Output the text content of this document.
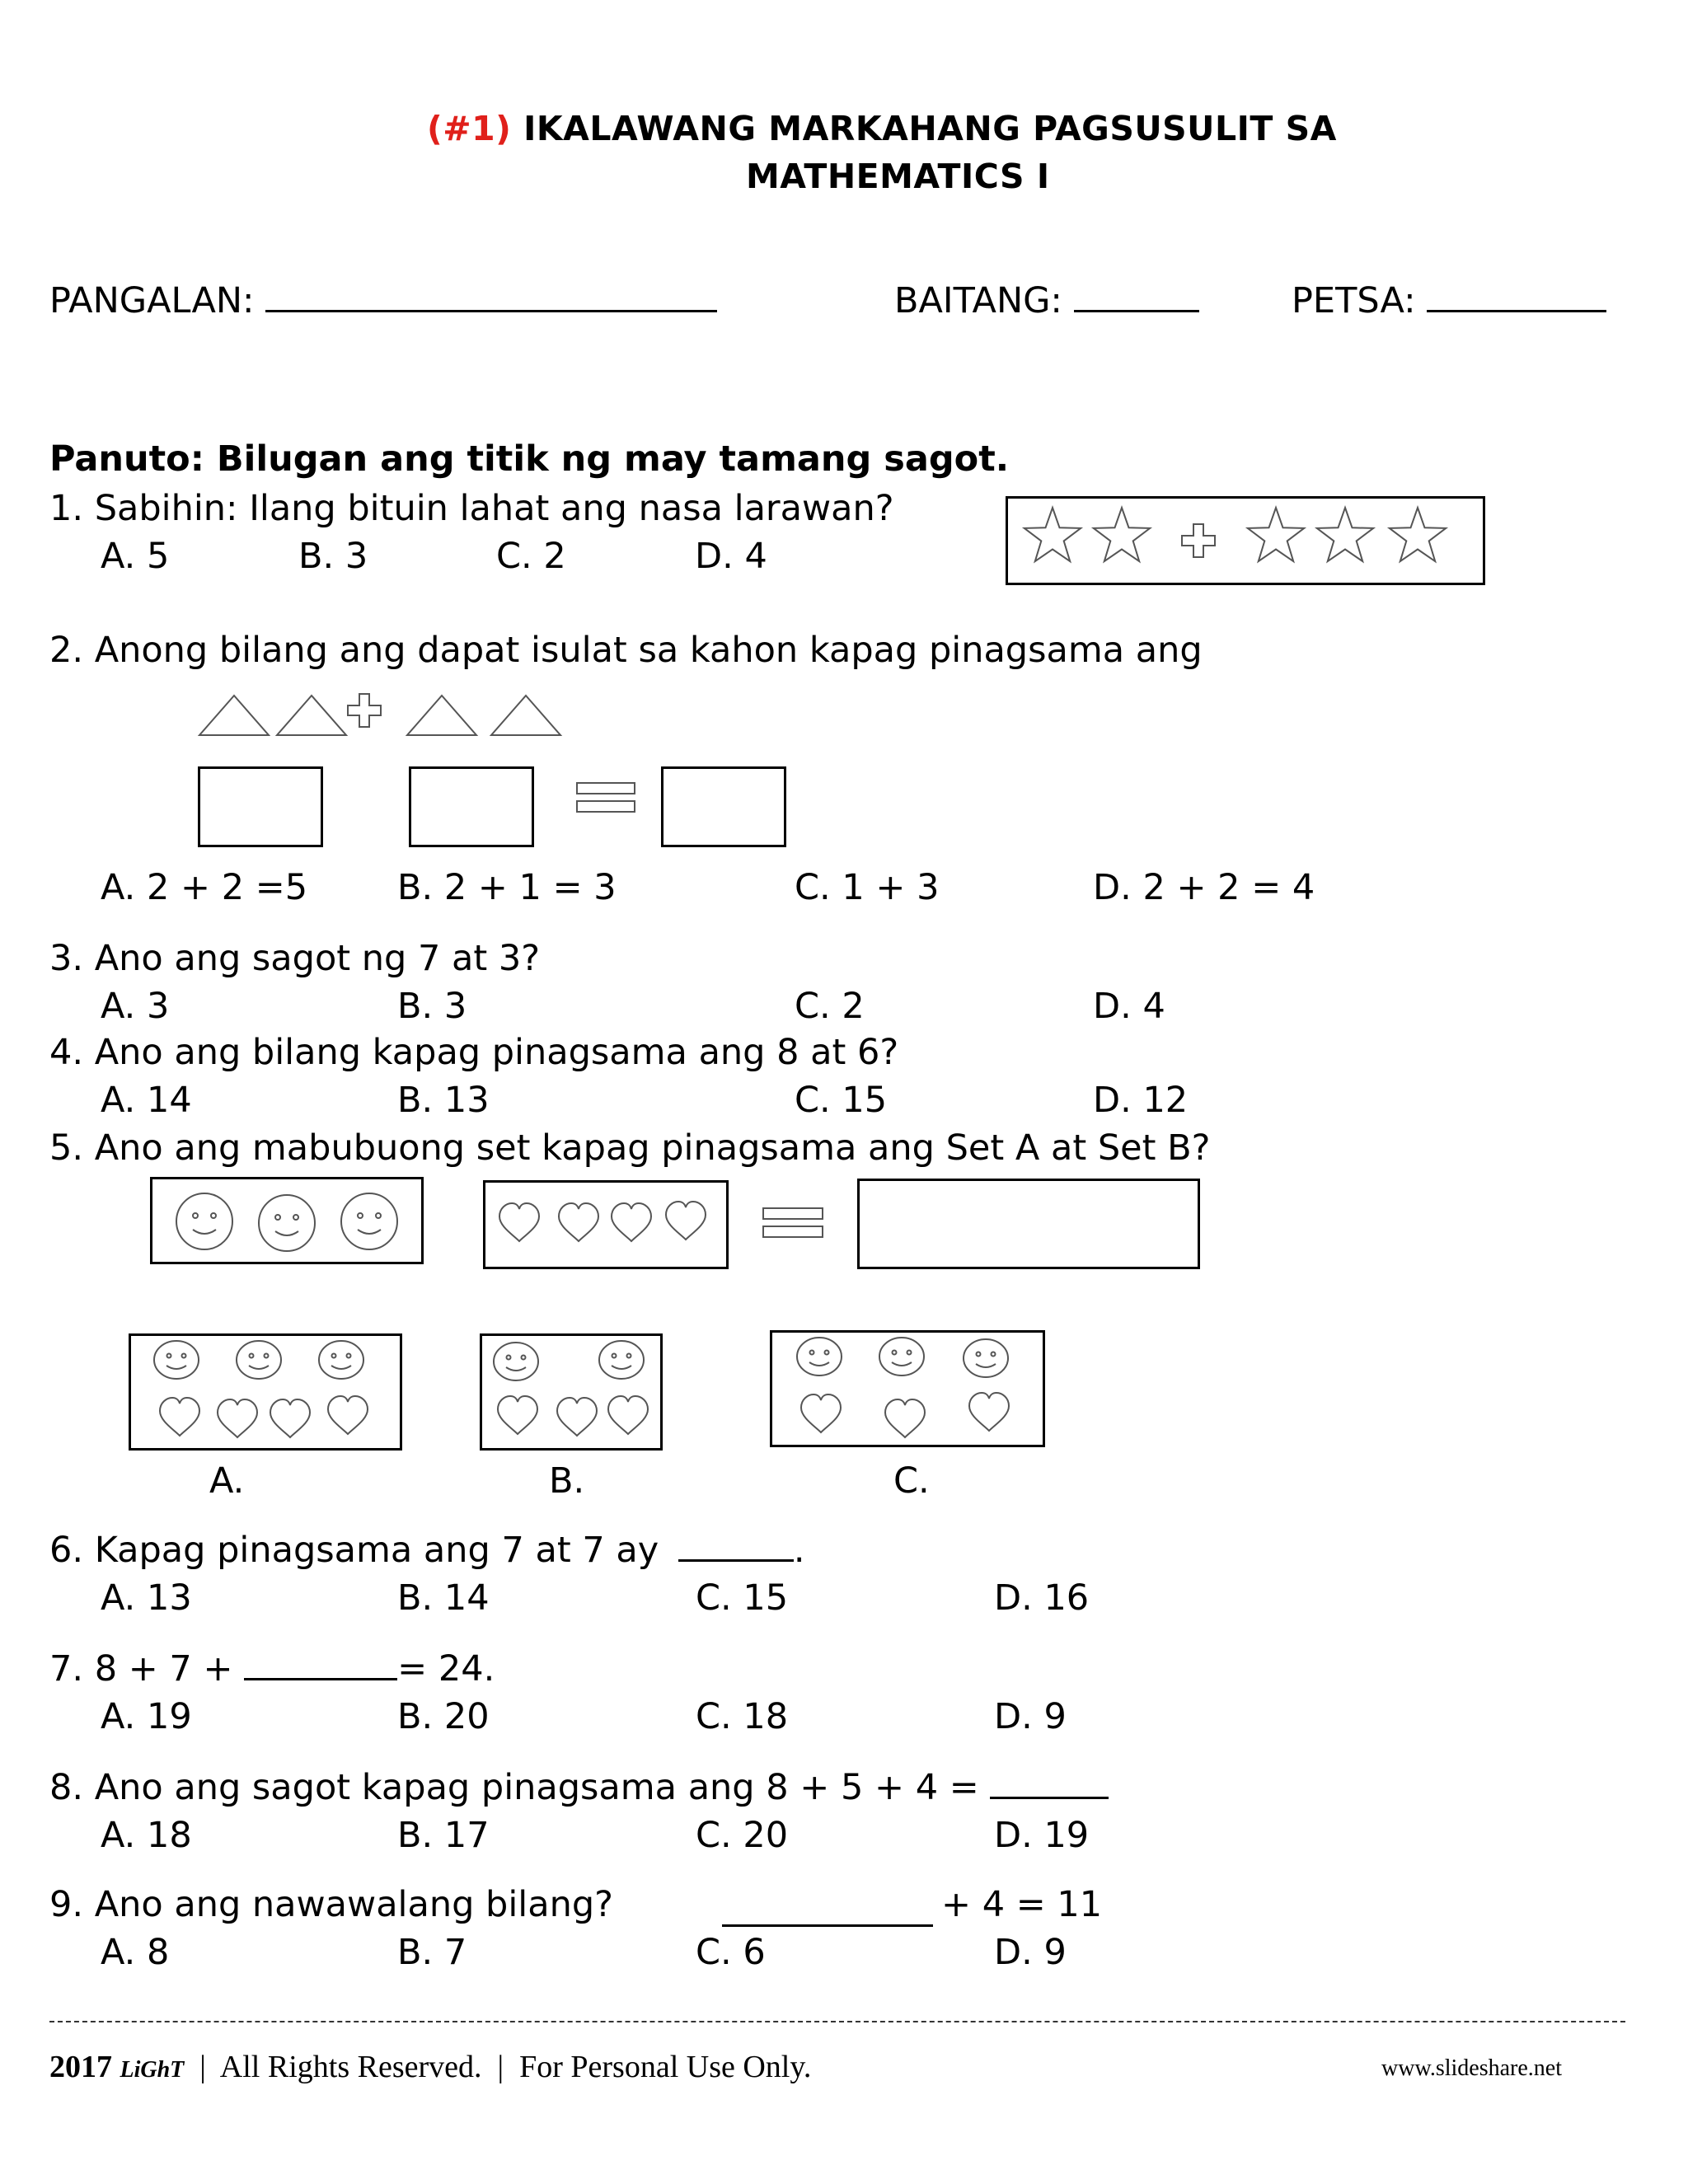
(#1) IKALAWANG MARKAHANG PAGSUSULIT SA
MATHEMATICS I
PANGALAN:	BAITANG:	PETSA:
Panuto: Bilugan ang titik ng may tamang sagot.
1. Sabihin: Ilang bituin lahat ang nasa larawan?
A. 5	B. 3	C. 2	D. 4
2. Anong bilang ang dapat isulat sa kahon kapag pinagsama ang
A. 2 + 2 =5	B. 2 + 1 = 3	C. 1 + 3	D. 2 + 2 = 4
3. Ano ang sagot ng 7 at 3?
A. 3	B. 3	C. 2	D. 4
4. Ano ang bilang kapag pinagsama ang 8 at 6?
A. 14	B. 13	C. 15	D. 12
5. Ano ang mabubuong set kapag pinagsama ang Set A at Set B?
A.	B.	C.
6. Kapag pinagsama ang 7 at 7 ay	.
A. 13	B. 14	C. 15	D. 16
7. 8 + 7 +	= 24.
A. 19	B. 20	C. 18	D. 9
8. Ano ang sagot kapag pinagsama ang 8 + 5 + 4 =
A. 18	B. 17	C. 20	D. 19
9. Ano ang nawawalang bilang?	+ 4 = 11
A. 8	B. 7	C. 6	D. 9
2017 LiGhT | All Rights Reserved. | For Personal Use Only.	www.slideshare.net
